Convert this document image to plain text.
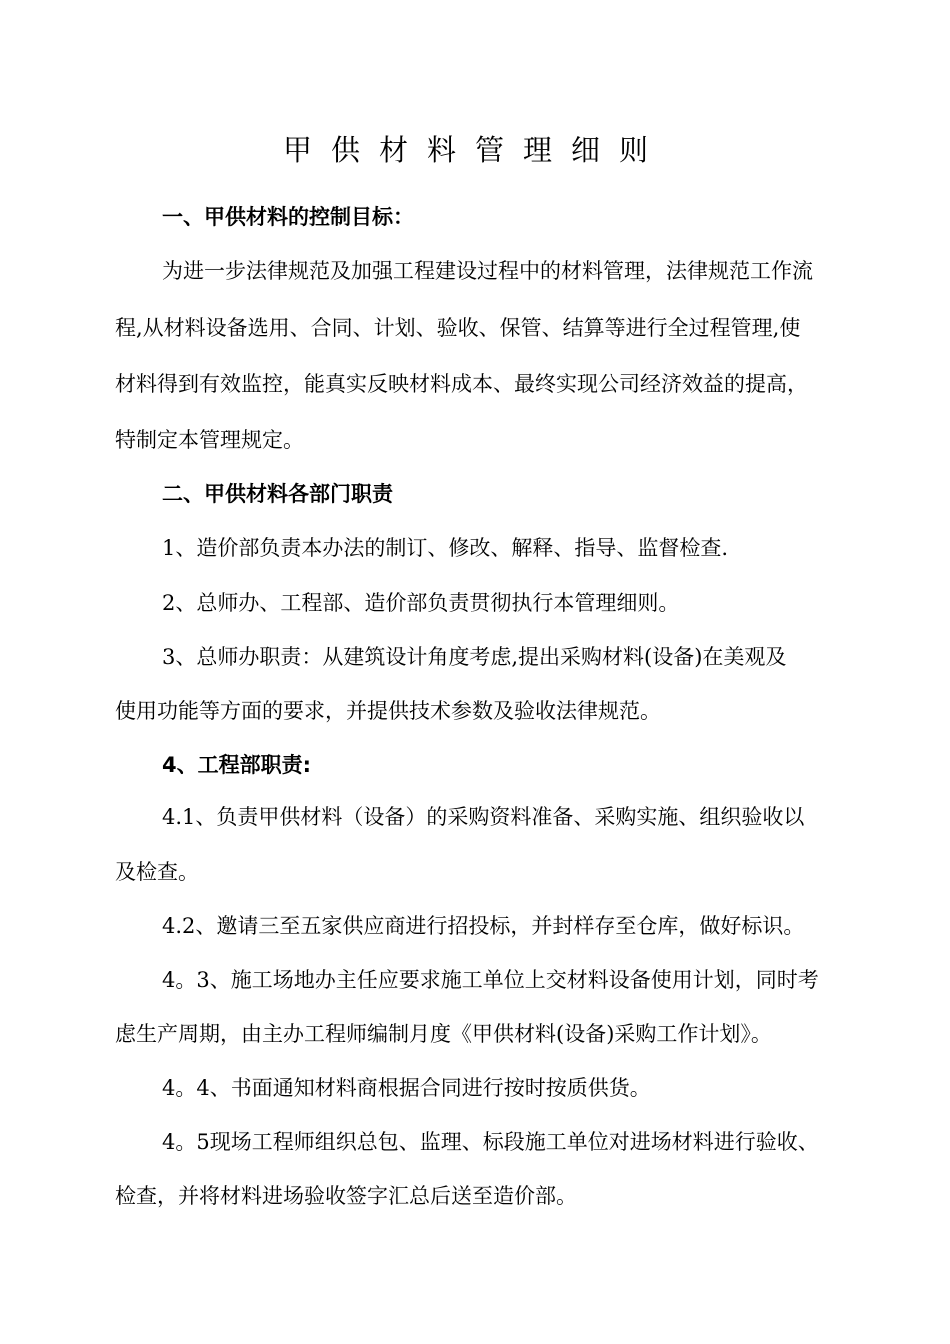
甲供材料管理细则
一、甲供材料的控制目标：
为进一步法律规范及加强工程建设过程中的材料管理，法律规范工作流
程,从材料设备选用、合同、计划、验收、保管、结算等进行全过程管理,使
材料得到有效监控，能真实反映材料成本、最终实现公司经济效益的提高，
特制定本管理规定。
二、甲供材料各部门职责
1、造价部负责本办法的制订、修改、解释、指导、监督检查.
2、总师办、工程部、造价部负责贯彻执行本管理细则。
3、总师办职责：从建筑设计角度考虑,提出采购材料(设备)在美观及
使用功能等方面的要求，并提供技术参数及验收法律规范。
4、工程部职责:
4.1、负责甲供材料（设备）的采购资料准备、采购实施、组织验收以
及检查。
4.2、邀请三至五家供应商进行招投标，并封样存至仓库，做好标识。
4。3、施工场地办主任应要求施工单位上交材料设备使用计划，同时考
虑生产周期，由主办工程师编制月度《甲供材料(设备)采购工作计划》。
4。4、书面通知材料商根据合同进行按时按质供货。
4。5现场工程师组织总包、监理、标段施工单位对进场材料进行验收、
检查，并将材料进场验收签字汇总后送至造价部。
